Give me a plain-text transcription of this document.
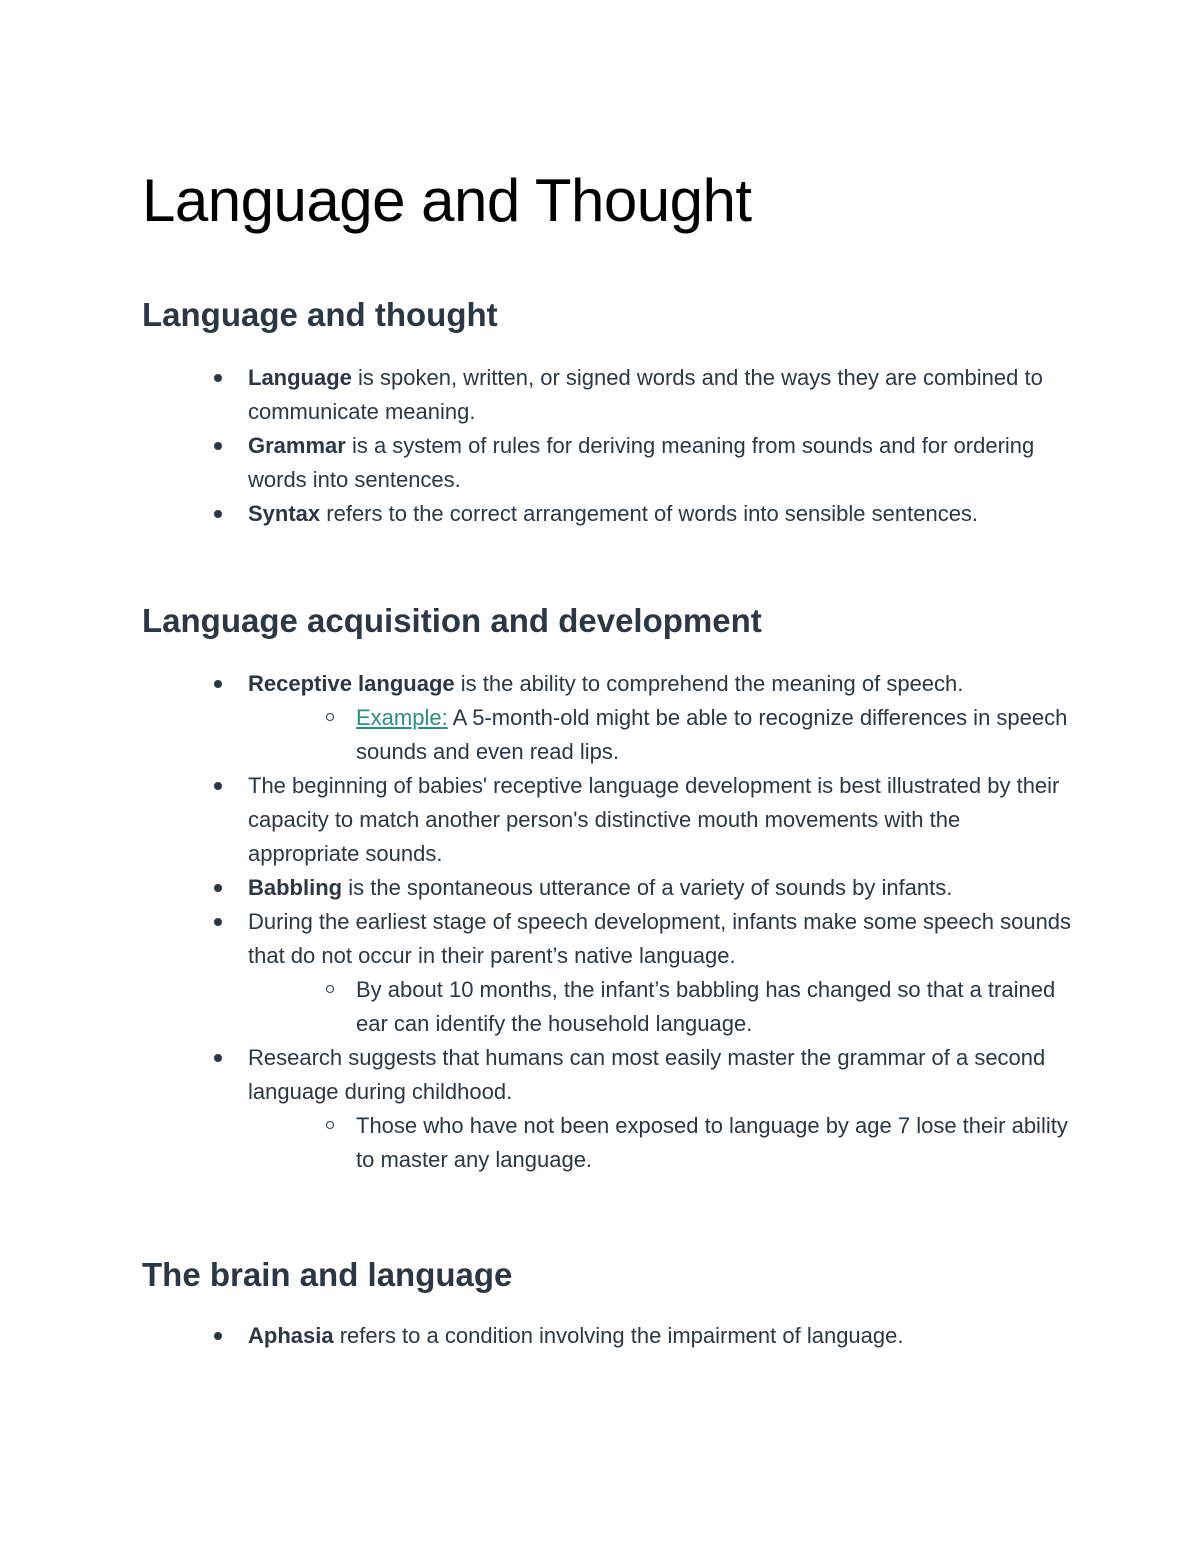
Language and Thought
Language and thought
Language is spoken, written, or signed words and the ways they are combined to communicate meaning.
Grammar is a system of rules for deriving meaning from sounds and for ordering words into sentences.
Syntax refers to the correct arrangement of words into sensible sentences.
Language acquisition and development
Receptive language is the ability to comprehend the meaning of speech.
Example: A 5-month-old might be able to recognize differences in speech sounds and even read lips.
The beginning of babies' receptive language development is best illustrated by their capacity to match another person's distinctive mouth movements with the appropriate sounds.
Babbling is the spontaneous utterance of a variety of sounds by infants.
During the earliest stage of speech development, infants make some speech sounds that do not occur in their parent’s native language.
By about 10 months, the infant’s babbling has changed so that a trained ear can identify the household language.
Research suggests that humans can most easily master the grammar of a second language during childhood.
Those who have not been exposed to language by age 7 lose their ability to master any language.
The brain and language
Aphasia refers to a condition involving the impairment of language.
